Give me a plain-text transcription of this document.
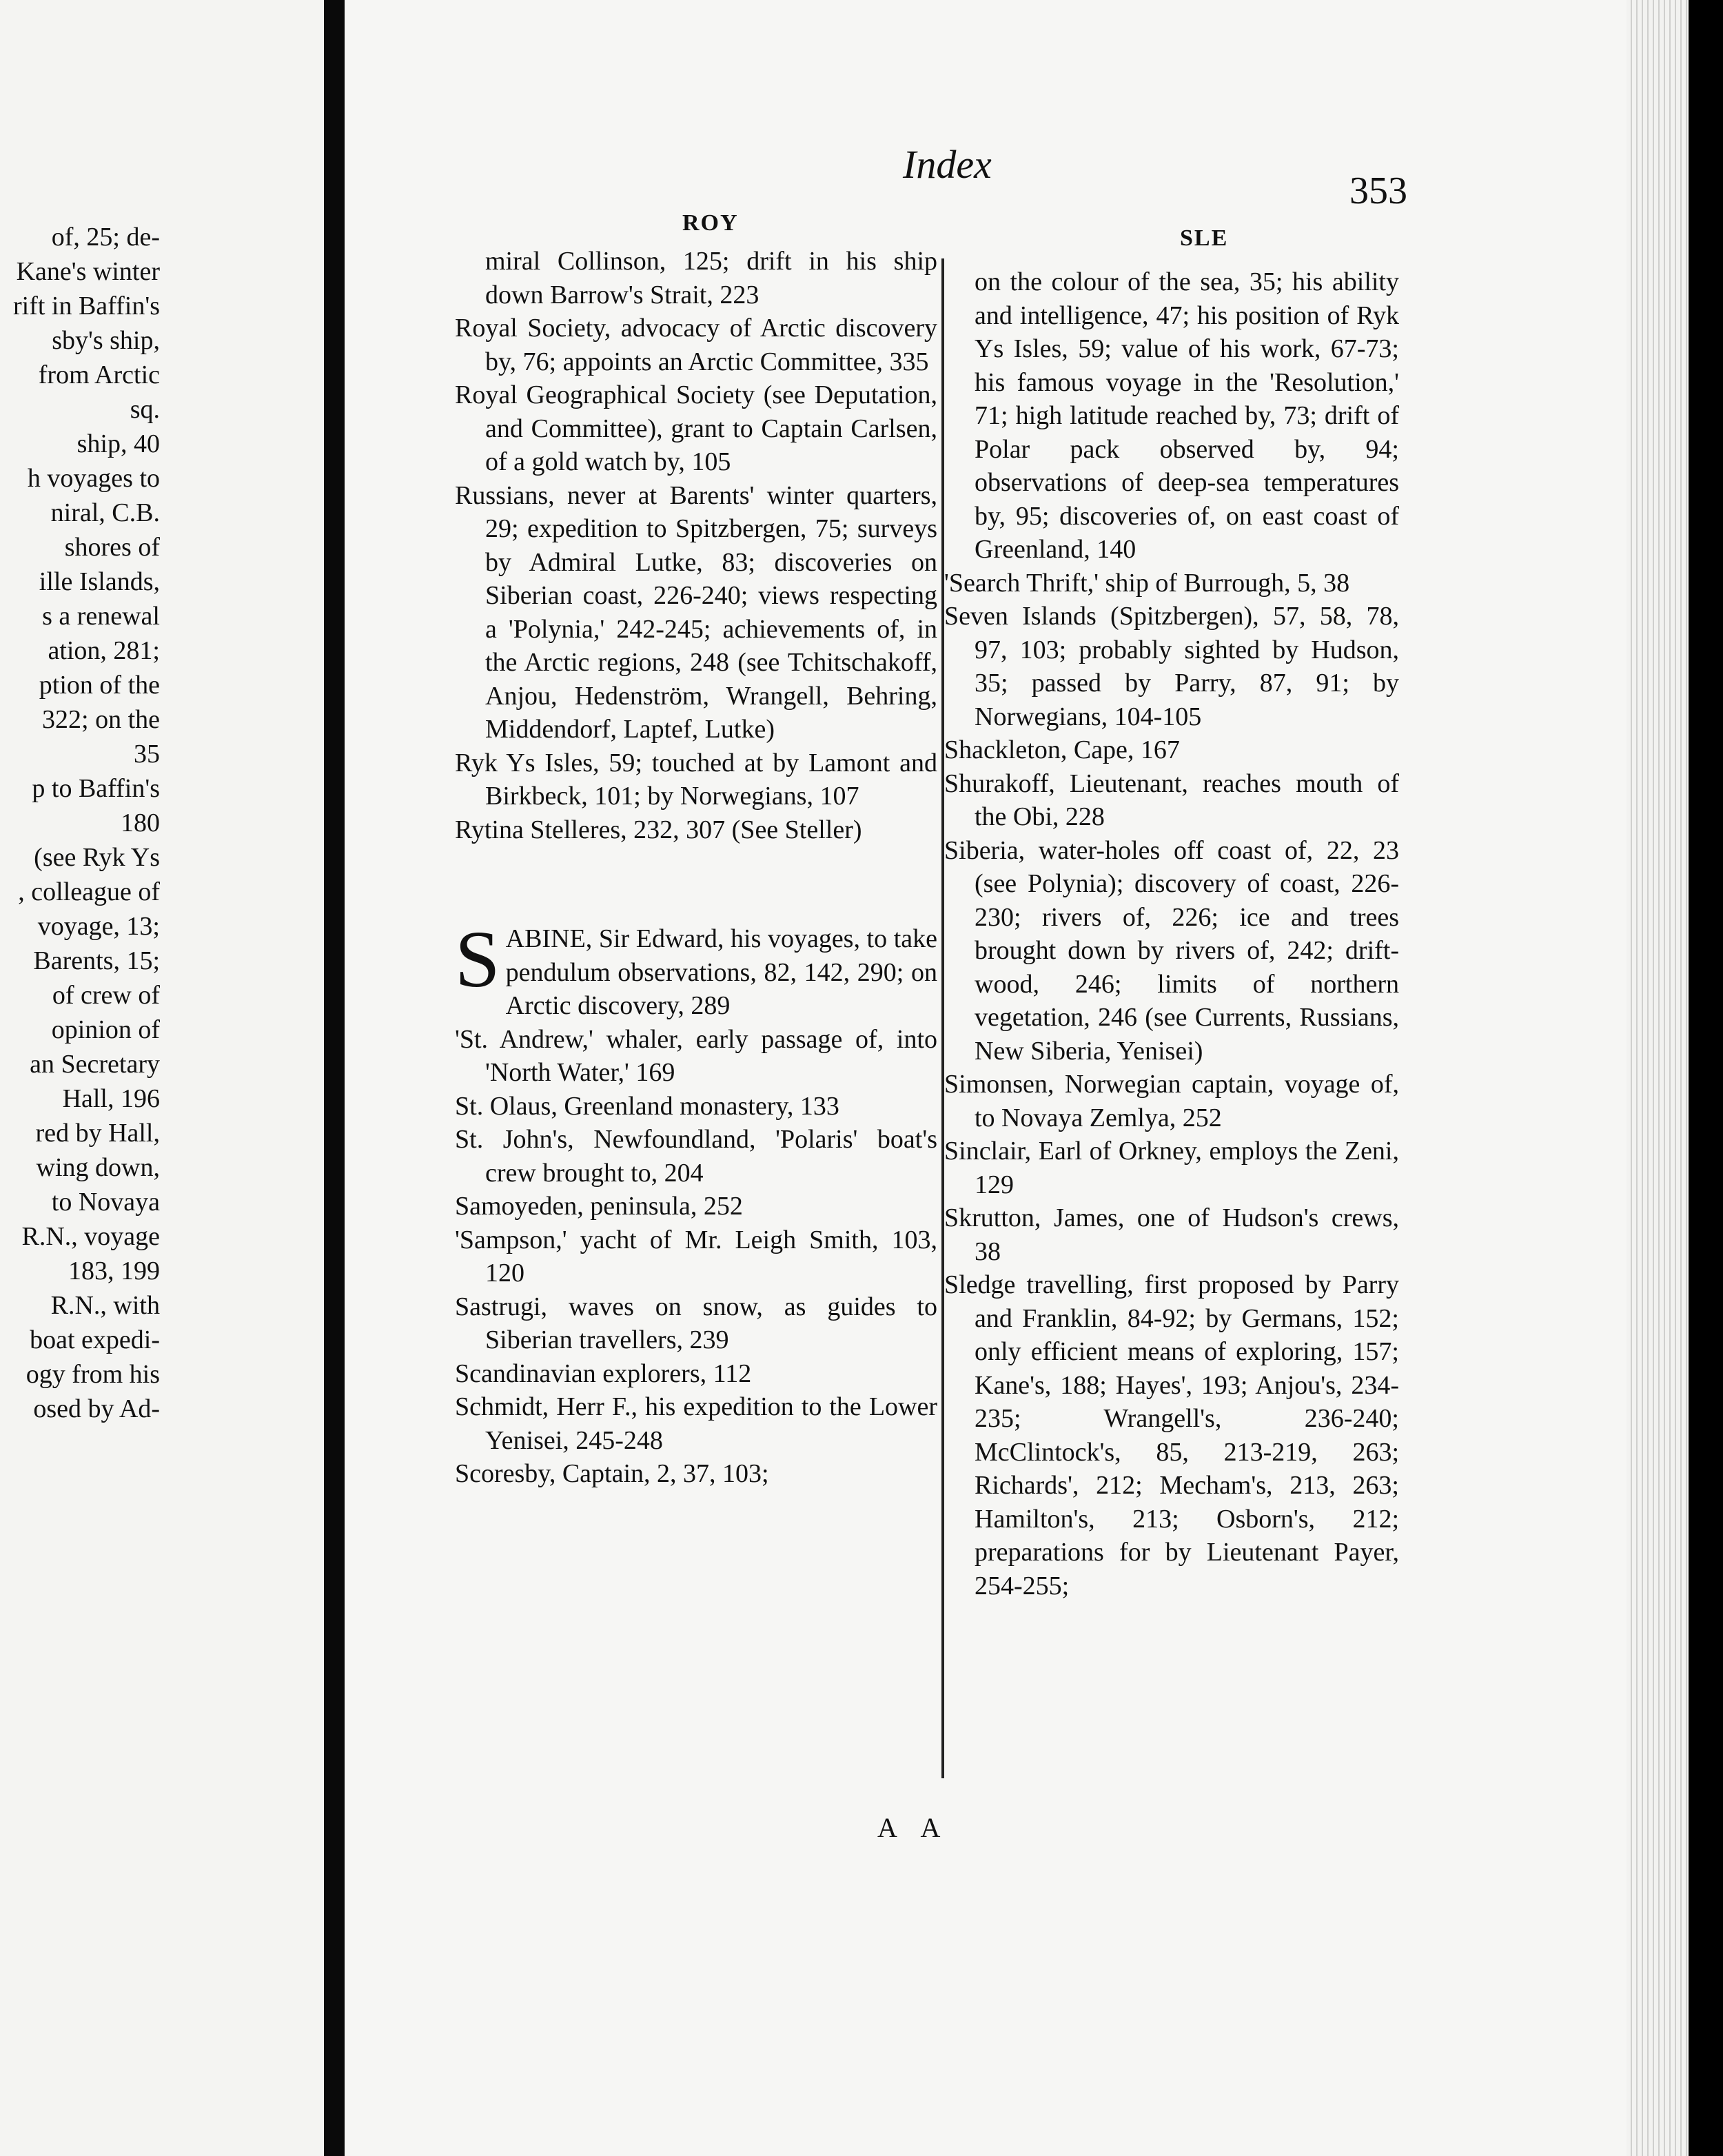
of, 25; de-
Kane's winter
rift in Baffin's
sby's ship,
from Arctic
sq.
ship, 40
h voyages to
niral, C.B.
shores of
ille Islands,
s a renewal
ation, 281;
ption of the
322; on the
35
p to Baffin's
180
(see Ryk Ys
, colleague of
voyage, 13;
Barents, 15;
of crew of
opinion of
an Secretary
Hall, 196
red by Hall,
wing down,
to Novaya
R.N., voyage
183, 199
R.N., with
boat expedi-
ogy from his
osed by Ad-
Index
353
ROY
SLE

miral Collinson, 125; drift in his ship down Barrow's Strait, 223

Royal Society, advocacy of Arctic discovery by, 76; appoints an Arctic Committee, 335

Royal Geographical Society (see Deputation, and Committee), grant to Captain Carlsen, of a gold watch by, 105

Russians, never at Barents' winter quarters, 29; expedition to Spitzbergen, 75; surveys by Admiral Lutke, 83; discoveries on Siberian coast, 226-240; views respecting a 'Polynia,' 242-245; achievements of, in the Arctic regions, 248 (see Tchitschakoff, Anjou, Hedenström, Wrangell, Behring, Middendorf, Laptef, Lutke)

Ryk Ys Isles, 59; touched at by Lamont and Birkbeck, 101; by Norwegians, 107

Rytina Stelleres, 232, 307 (See Steller)

SABINE, Sir Edward, his voyages, to take pendulum observations, 82, 142, 290; on Arctic discovery, 289

'St. Andrew,' whaler, early passage of, into 'North Water,' 169

St. Olaus, Greenland monastery, 133

St. John's, Newfoundland, 'Polaris' boat's crew brought to, 204

Samoyeden, peninsula, 252

'Sampson,' yacht of Mr. Leigh Smith, 103, 120

Sastrugi, waves on snow, as guides to Siberian travellers, 239

Scandinavian explorers, 112

Schmidt, Herr F., his expedition to the Lower Yenisei, 245-248

Scoresby, Captain, 2, 37, 103;

on the colour of the sea, 35; his ability and intelligence, 47; his position of Ryk Ys Isles, 59; value of his work, 67-73; his famous voyage in the 'Resolution,' 71; high latitude reached by, 73; drift of Polar pack observed by, 94; observations of deep-sea temperatures by, 95; discoveries of, on east coast of Greenland, 140

'Search Thrift,' ship of Burrough, 5, 38

Seven Islands (Spitzbergen), 57, 58, 78, 97, 103; probably sighted by Hudson, 35; passed by Parry, 87, 91; by Norwegians, 104-105

Shackleton, Cape, 167

Shurakoff, Lieutenant, reaches mouth of the Obi, 228

Siberia, water-holes off coast of, 22, 23 (see Polynia); discovery of coast, 226-230; rivers of, 226; ice and trees brought down by rivers of, 242; drift-wood, 246; limits of northern vegetation, 246 (see Currents, Russians, New Siberia, Yenisei)

Simonsen, Norwegian captain, voyage of, to Novaya Zemlya, 252

Sinclair, Earl of Orkney, employs the Zeni, 129

Skrutton, James, one of Hudson's crews, 38

Sledge travelling, first proposed by Parry and Franklin, 84-92; by Germans, 152; only efficient means of exploring, 157; Kane's, 188; Hayes', 193; Anjou's, 234-235; Wrangell's, 236-240; McClintock's, 85, 213-219, 263; Richards', 212; Mecham's, 213, 263; Hamilton's, 213; Osborn's, 212; preparations for by Lieutenant Payer, 254-255;

A A
